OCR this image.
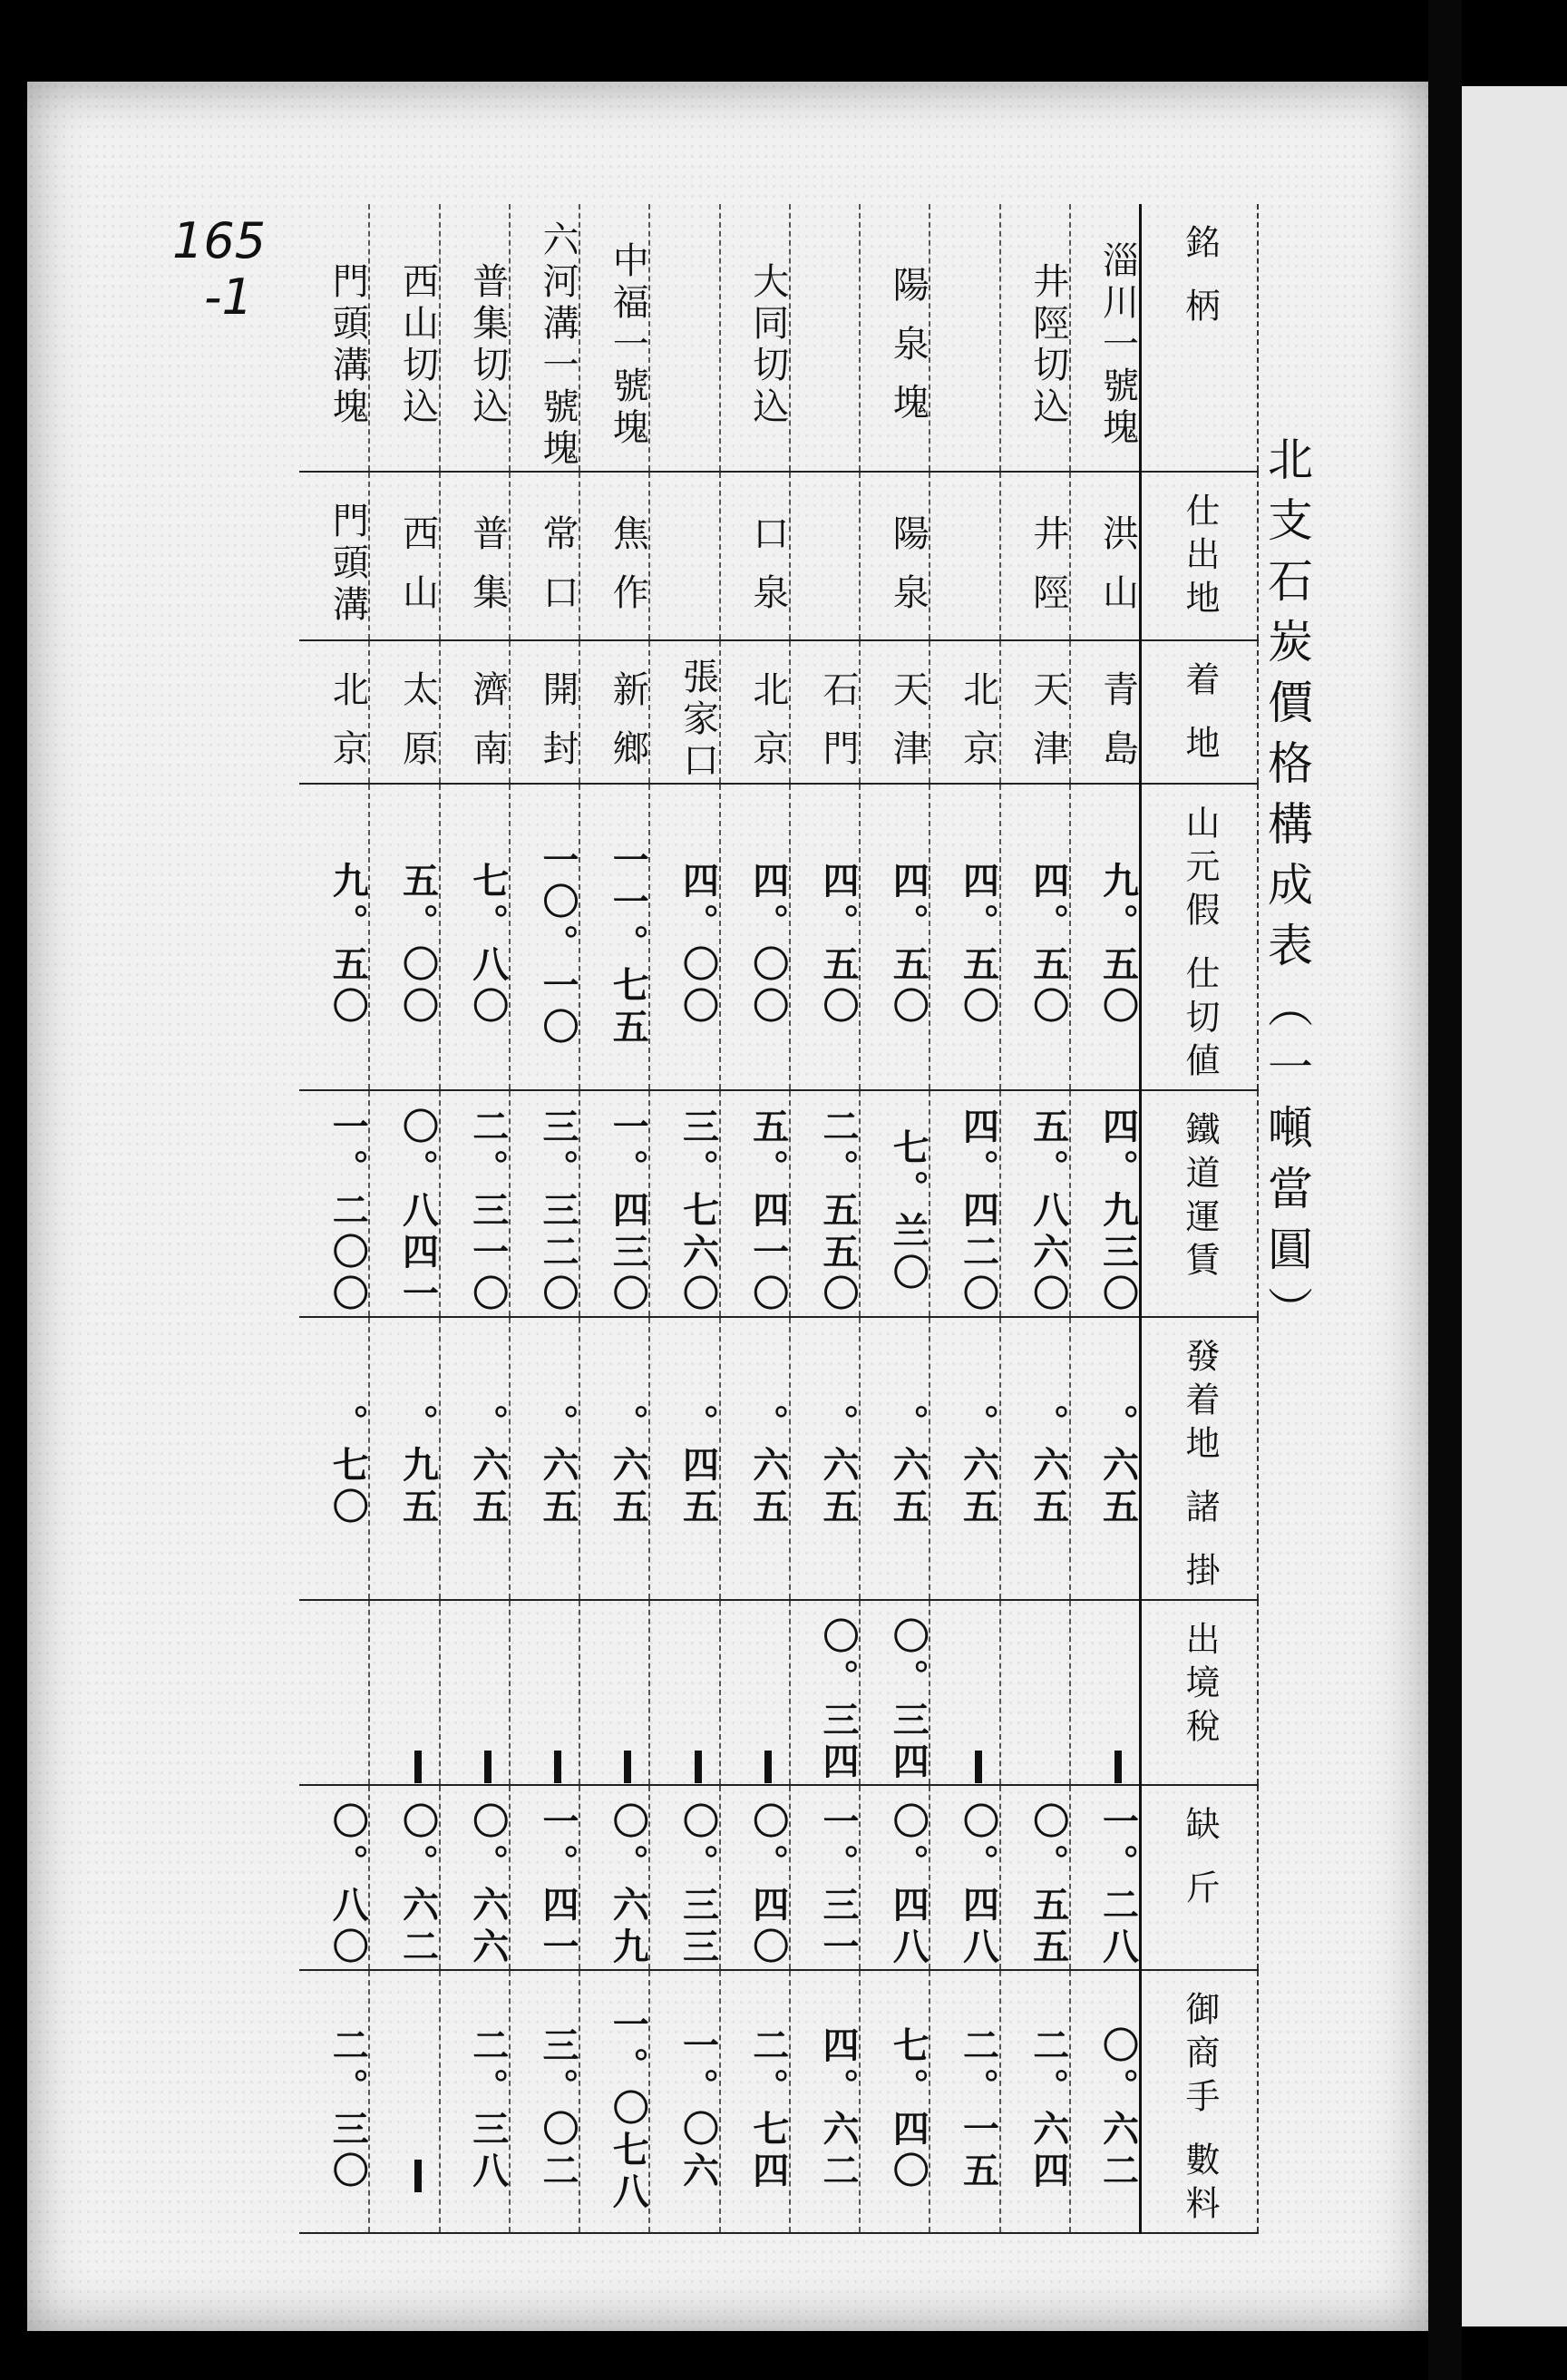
165
-1
北支石炭價格構成表（一噸當圓）
門頭溝塊	西山切込	普集切込	六河溝一號塊	中福一號塊		大同切込		陽 泉 塊		井陘切込	淄川一號塊	銘 柄
門頭溝	西 山	普 集	常 口	焦 作		口 泉		陽 泉		井 陘	洪 山	仕出地
北 京	太 原	濟 南	開 封	新 鄉	張家口	北 京	石 門	天 津	北 京	天 津	青 島	着 地
九。五〇	五。〇〇	七。八〇	一〇。一〇	一一。七五	四。〇〇	四。〇〇	四。五〇	四。五〇	四。五〇	四。五〇	九。五〇	山元假 仕切値
一。二〇〇	〇。八四一	二。三一〇	三。三二〇	一。四三〇	三。七六〇	五。四一〇	二。五五〇	七。兰〇	四。四二〇	五。八六〇	四。九三〇	鐵道運賃
。七〇	。九五	。六五	。六五	。六五	。四五	。六五	。六五	。六五	。六五	。六五	。六五	發着地 諸 掛
							〇。三四	〇。三四				出境稅
〇。八〇	〇。六二	〇。六六	一。四一	〇。六九	〇。三三	〇。四〇	一。三一	〇。四八	〇。四八	〇。五五	一。二八	缺 斤
二。三〇		二。三八	三。〇二	一。〇七八	一。〇六	二。七四	四。六二	七。四〇	二。一五	二。六四	〇。六二	御商手 數料
